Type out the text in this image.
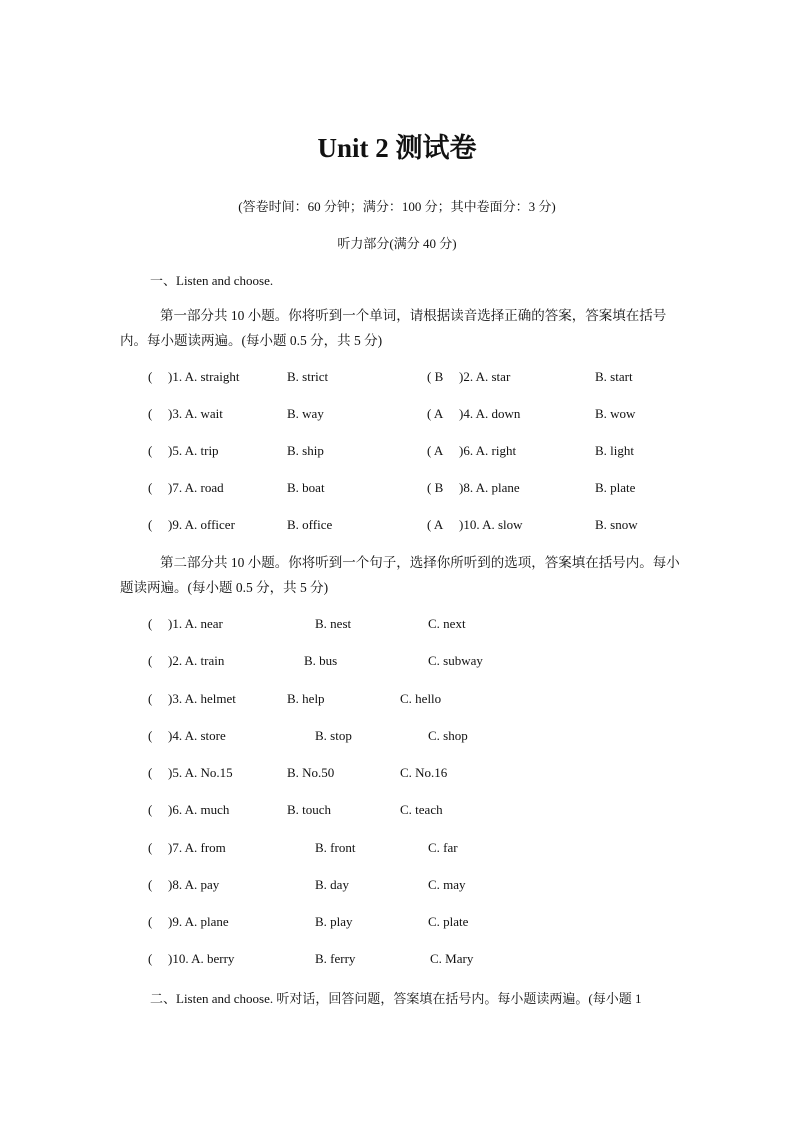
Unit 2 测试卷
(答卷时间：60 分钟；满分：100 分；其中卷面分：3 分)
听力部分(满分 40 分)
一、Listen and choose.
第一部分共 10 小题。你将听到一个单词，请根据读音选择正确的答案，答案填在括号内。每小题读两遍。(每小题 0.5 分，共 5 分)
( )1. A. straight	B. strict	( B )2. A. star	B. start
( )3. A. wait	B. way	( A )4. A. down	B. wow
( )5. A. trip	B. ship	( A )6. A. right	B. light
( )7. A. road	B. boat	( B )8. A. plane	B. plate
( )9. A. officer	B. office	( A )10. A. slow	B. snow
第二部分共 10 小题。你将听到一个句子，选择你所听到的选项，答案填在括号内。每小题读两遍。(每小题 0.5 分，共 5 分)
( )1. A. near	B. nest	C. next
( )2. A. train	B. bus	C. subway
( )3. A. helmet	B. help	C. hello
( )4. A. store	B. stop	C. shop
( )5. A. No.15	B. No.50	C. No.16
( )6. A. much	B. touch	C. teach
( )7. A. from	B. front	C. far
( )8. A. pay	B. day	C. may
( )9. A. plane	B. play	C. plate
( )10. A. berry	B. ferry	C. Mary
二、Listen and choose. 听对话，回答问题，答案填在括号内。每小题读两遍。(每小题 1
